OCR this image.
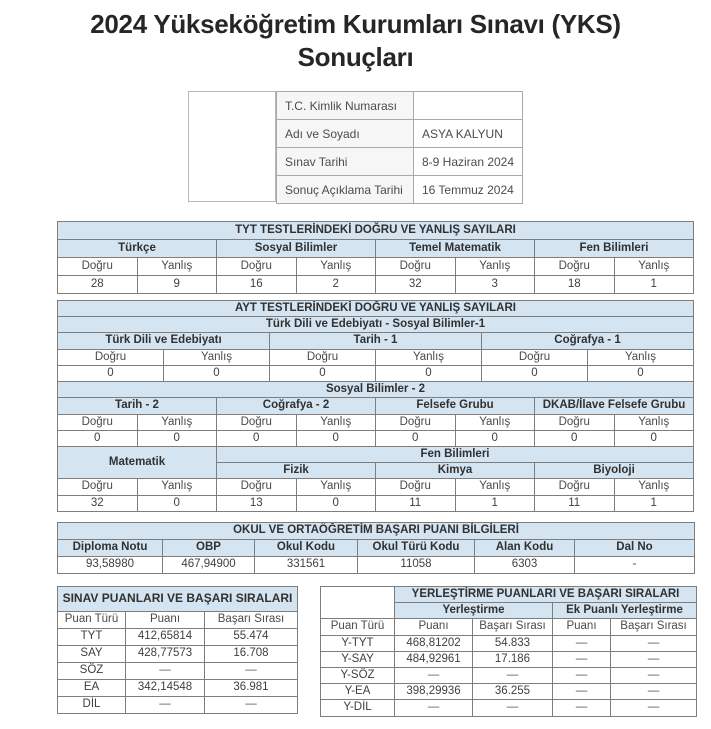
2024 Yükseköğretim Kurumları Sınavı (YKS) Sonuçları
T.C. Kimlik Numarası	
Adı ve Soyadı	ASYA KALYUN
Sınav Tarihi	8-9 Haziran 2024
Sonuç Açıklama Tarihi	16 Temmuz 2024
TYT TESTLERİNDEKİ DOĞRU VE YANLIŞ SAYILARI							
Türkçe		Sosyal Bilimler		Temel Matematik		Fen Bilimleri	
Doğru	Yanlış	Doğru	Yanlış	Doğru	Yanlış	Doğru	Yanlış
28	9	16	2	32	3	18	1
AYT TESTLERİNDEKİ DOĞRU VE YANLIŞ SAYILARI											
Türk Dili ve Edebiyatı - Sosyal Bilimler-1											
Türk Dili ve Edebiyatı				Tarih - 1				Coğrafya - 1			
Doğru		Yanlış		Doğru		Yanlış		Doğru		Yanlış	
0		0		0		0		0		0	
Sosyal Bilimler - 2											
Tarih - 2			Coğrafya - 2			Felsefe Grubu			DKAB/İlave Felsefe Grubu		
Doğru	Yanlış		Doğru		Yanlış	Doğru	Yanlış		Doğru		Yanlış
0	0		0		0	0	0		0		0
Matematik			Fen Bilimleri								
			Fizik			Kimya			Biyoloji		
Doğru	Yanlış		Doğru		Yanlış	Doğru	Yanlış		Doğru		Yanlış
32	0		13		0	11	1		11		1
OKUL VE ORTAÖĞRETİM BAŞARI PUANI BİLGİLERİ					
Diploma Notu	OBP	Okul Kodu	Okul Türü Kodu	Alan Kodu	Dal No
93,58980	467,94900	331561	11058	6303	-
SINAV PUANLARI VE BAŞARI SIRALARI		
Puan Türü	Puanı	Başarı Sırası
TYT	412,65814	55.474
SAY	428,77573	16.708
SÖZ	—	—
EA	342,14548	36.981
DİL	—	—
	YERLEŞTİRME PUANLARI VE BAŞARI SIRALARI			
	Yerleştirme		Ek Puanlı Yerleştirme	
Puan Türü	Puanı	Başarı Sırası	Puanı	Başarı Sırası
Y-TYT	468,81202	54.833	—	—
Y-SAY	484,92961	17.186	—	—
Y-SÖZ	—	—	—	—
Y-EA	398,29936	36.255	—	—
Y-DİL	—	—	—	—
